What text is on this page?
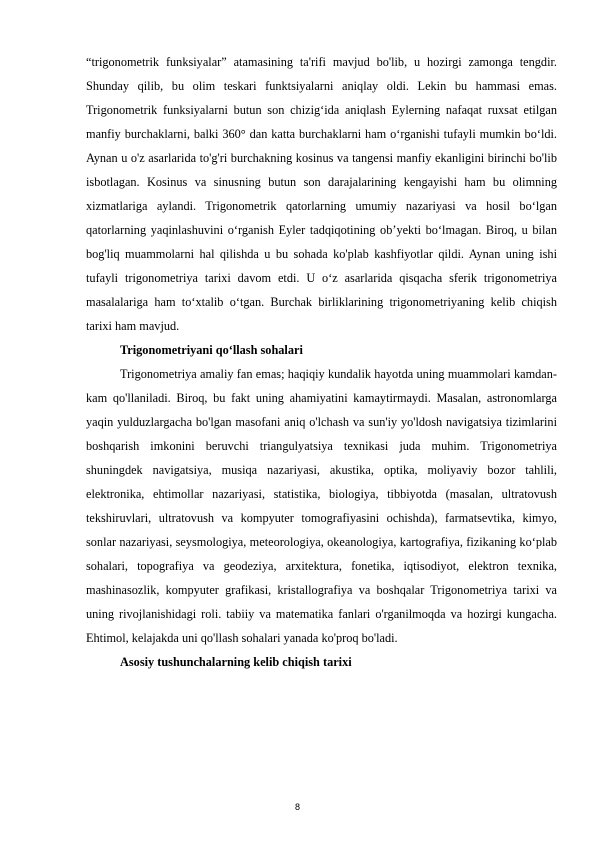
“trigonometrik funksiyalar” atamasining ta'rifi mavjud bo'lib, u hozirgi zamonga tengdir. Shunday qilib, bu olim teskari funktsiyalarni aniqlay oldi. Lekin bu hammasi emas. Trigonometrik funksiyalarni butun son chizig‘ida aniqlash Eylerning nafaqat ruxsat etilgan manfiy burchaklarni, balki 360° dan katta burchaklarni ham o‘rganishi tufayli mumkin bo‘ldi. Aynan u o'z asarlarida to'g'ri burchakning kosinus va tangensi manfiy ekanligini birinchi bo'lib isbotlagan. Kosinus va sinusning butun son darajalarining kengayishi ham bu olimning xizmatlariga aylandi. Trigonometrik qatorlarning umumiy nazariyasi va hosil bo‘lgan qatorlarning yaqinlashuvini o‘rganish Eyler tadqiqotining ob’yekti bo‘lmagan. Biroq, u bilan bog'liq muammolarni hal qilishda u bu sohada ko'plab kashfiyotlar qildi. Aynan uning ishi tufayli trigonometriya tarixi davom etdi. U o‘z asarlarida qisqacha sferik trigonometriya masalalariga ham to‘xtalib o‘tgan. Burchak birliklarining trigonometriyaning kelib chiqish tarixi ham mavjud.

Trigonometriyani qo‘llash sohalari

Trigonometriya amaliy fan emas; haqiqiy kundalik hayotda uning muammolari kamdan-kam qo'llaniladi. Biroq, bu fakt uning ahamiyatini kamaytirmaydi. Masalan, astronomlarga yaqin yulduzlargacha bo'lgan masofani aniq o'lchash va sun'iy yo'ldosh navigatsiya tizimlarini boshqarish imkonini beruvchi triangulyatsiya texnikasi juda muhim. Trigonometriya shuningdek navigatsiya, musiqa nazariyasi, akustika, optika, moliyaviy bozor tahlili, elektronika, ehtimollar nazariyasi, statistika, biologiya, tibbiyotda (masalan, ultratovush tekshiruvlari, ultratovush va kompyuter tomografiyasini ochishda), farmatsevtika, kimyo, sonlar nazariyasi, seysmologiya, meteorologiya, okeanologiya, kartografiya, fizikaning ko‘plab sohalari, topografiya va geodeziya, arxitektura, fonetika, iqtisodiyot, elektron texnika, mashinasozlik, kompyuter grafikasi, kristallografiya va boshqalar Trigonometriya tarixi va uning rivojlanishidagi roli. tabiiy va matematika fanlari o'rganilmoqda va hozirgi kungacha. Ehtimol, kelajakda uni qo'llash sohalari yanada ko'proq bo'ladi.

Asosiy tushunchalarning kelib chiqish tarixi

8
